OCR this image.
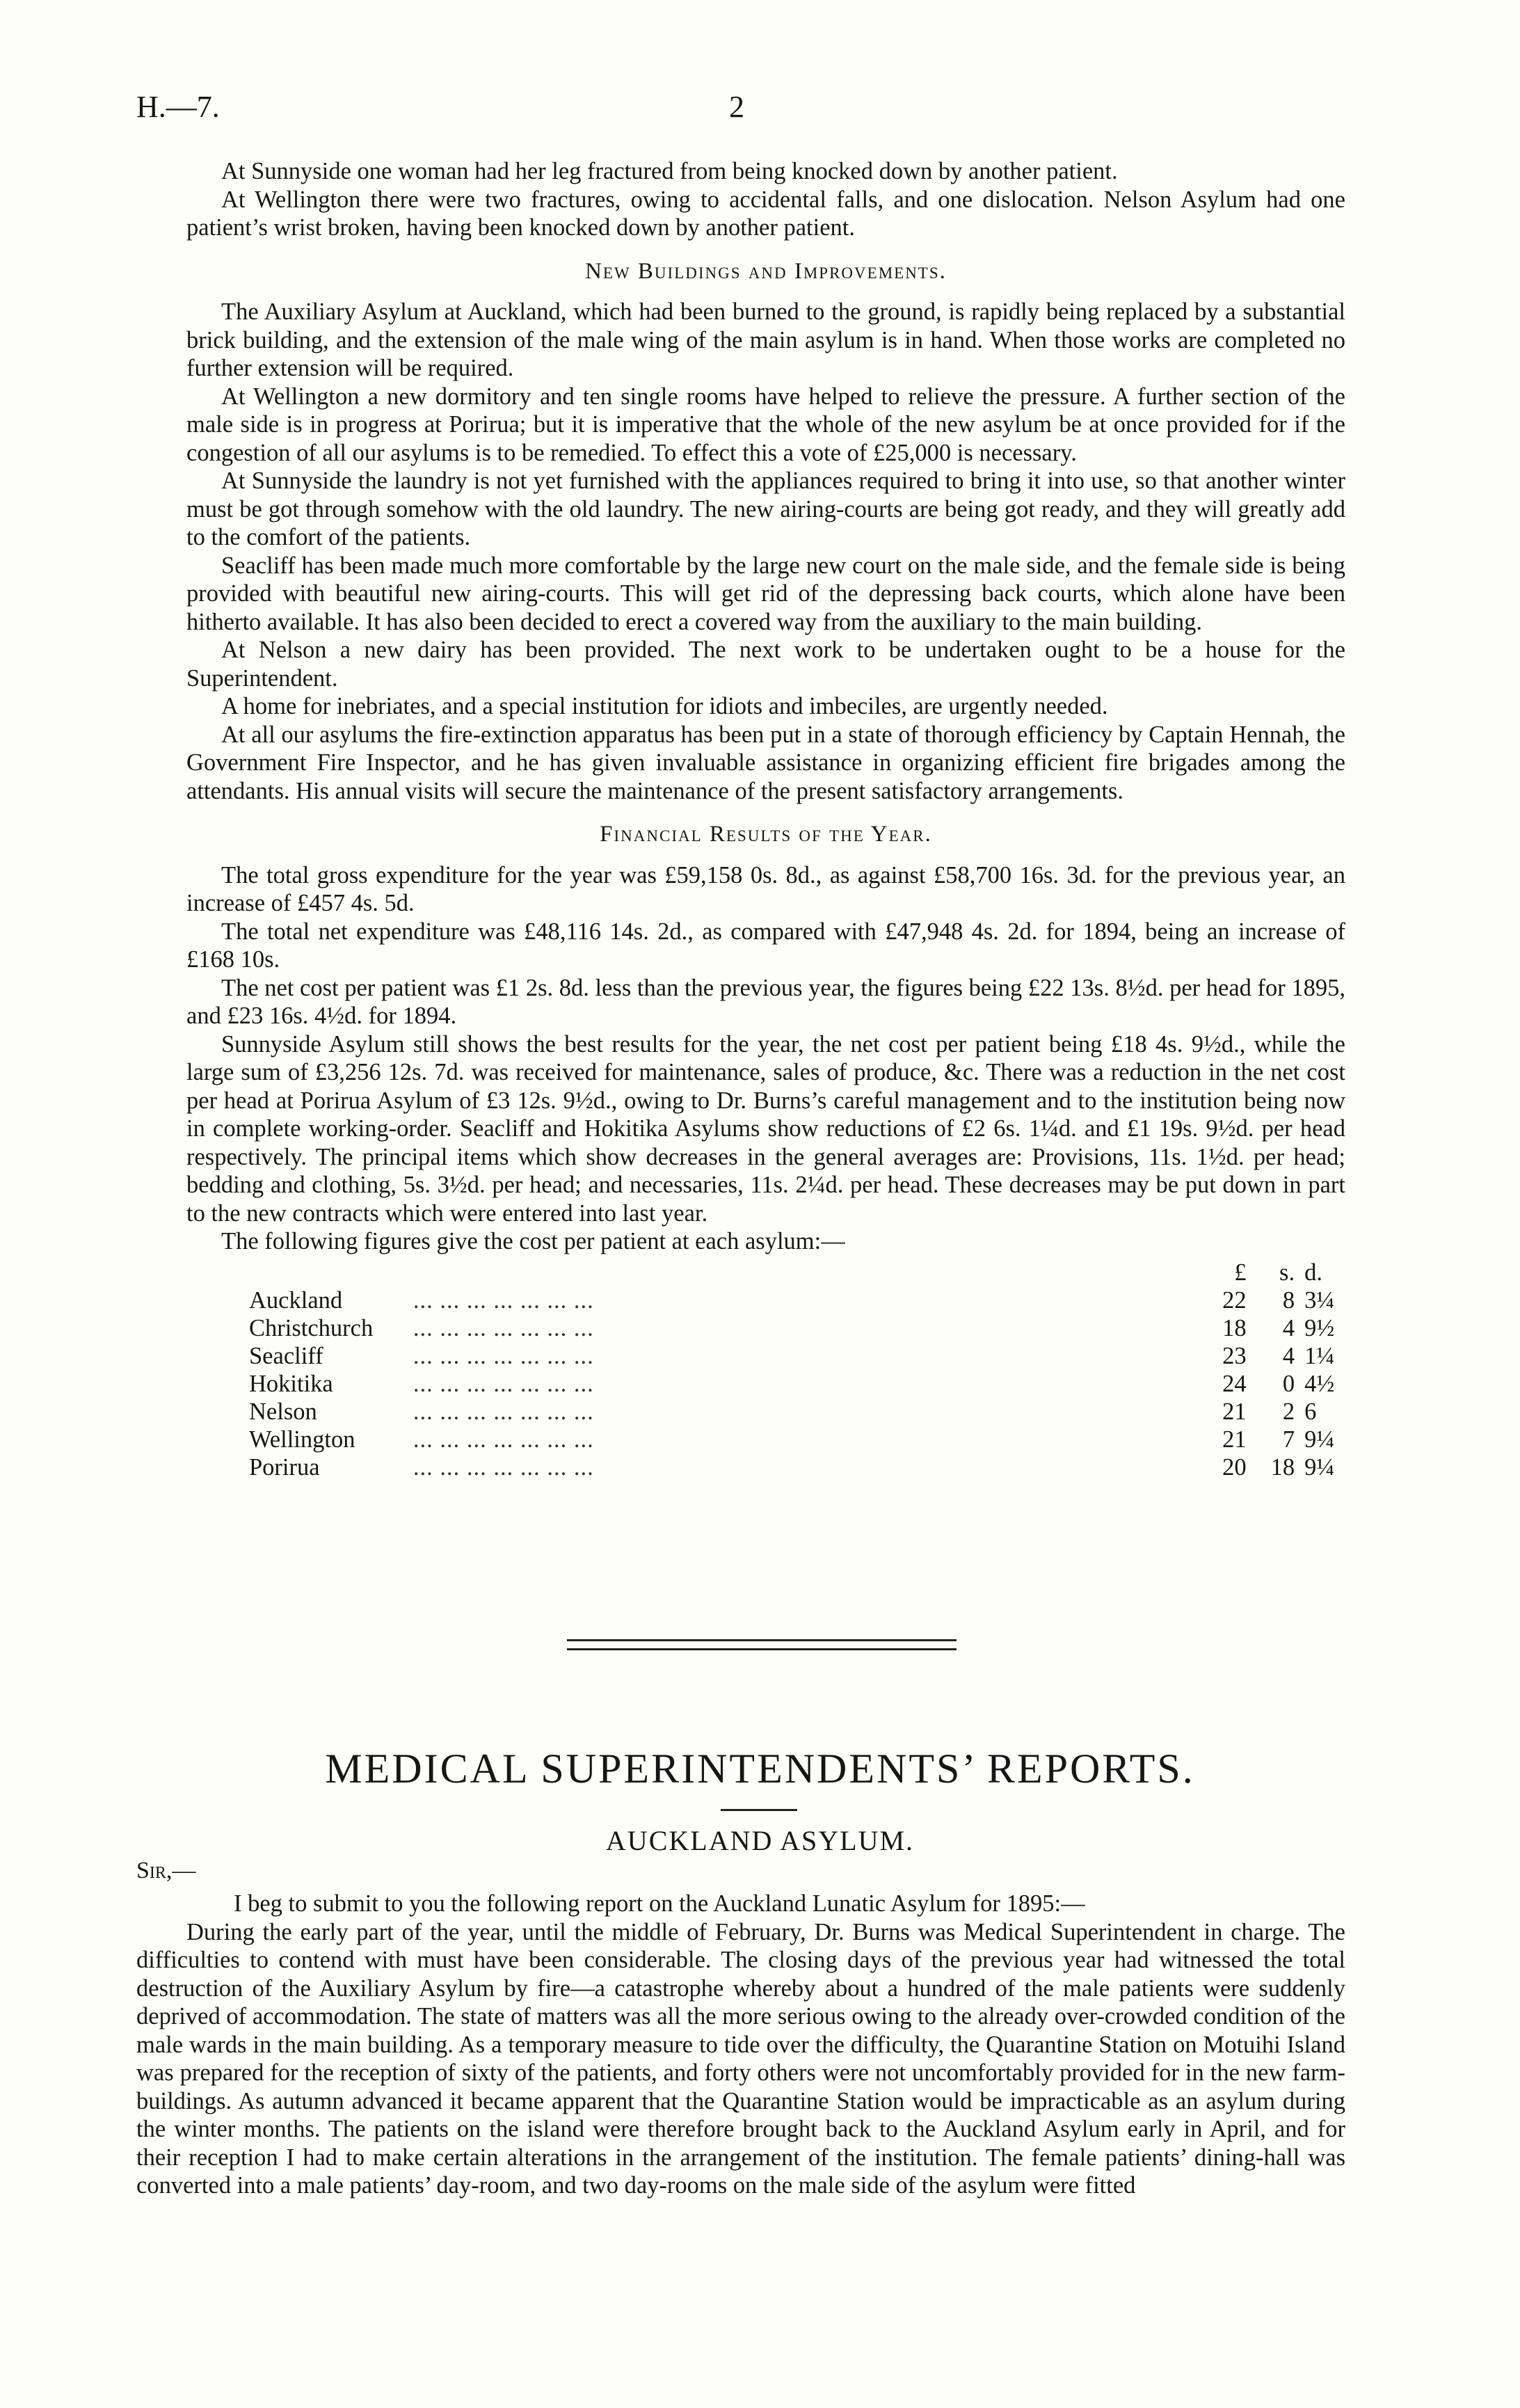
H.—7.	2

At Sunnyside one woman had her leg fractured from being knocked down by another patient.

At Wellington there were two fractures, owing to accidental falls, and one dislocation. Nelson Asylum had one patient’s wrist broken, having been knocked down by another patient.

New Buildings and Improvements.

The Auxiliary Asylum at Auckland, which had been burned to the ground, is rapidly being replaced by a substantial brick building, and the extension of the male wing of the main asylum is in hand. When those works are completed no further extension will be required.

At Wellington a new dormitory and ten single rooms have helped to relieve the pressure. A further section of the male side is in progress at Porirua; but it is imperative that the whole of the new asylum be at once provided for if the congestion of all our asylums is to be remedied. To effect this a vote of £25,000 is necessary.

At Sunnyside the laundry is not yet furnished with the appliances required to bring it into use, so that another winter must be got through somehow with the old laundry. The new airing-courts are being got ready, and they will greatly add to the comfort of the patients.

Seacliff has been made much more comfortable by the large new court on the male side, and the female side is being provided with beautiful new airing-courts. This will get rid of the depressing back courts, which alone have been hitherto available. It has also been decided to erect a covered way from the auxiliary to the main building.

At Nelson a new dairy has been provided. The next work to be undertaken ought to be a house for the Superintendent.

A home for inebriates, and a special institution for idiots and imbeciles, are urgently needed.

At all our asylums the fire-extinction apparatus has been put in a state of thorough efficiency by Captain Hennah, the Government Fire Inspector, and he has given invaluable assistance in organizing efficient fire brigades among the attendants. His annual visits will secure the maintenance of the present satisfactory arrangements.

Financial Results of the Year.

The total gross expenditure for the year was £59,158 0s. 8d., as against £58,700 16s. 3d. for the previous year, an increase of £457 4s. 5d.

The total net expenditure was £48,116 14s. 2d., as compared with £47,948 4s. 2d. for 1894, being an increase of £168 10s.

The net cost per patient was £1 2s. 8d. less than the previous year, the figures being £22 13s. 8½d. per head for 1895, and £23 16s. 4½d. for 1894.

Sunnyside Asylum still shows the best results for the year, the net cost per patient being £18 4s. 9½d., while the large sum of £3,256 12s. 7d. was received for maintenance, sales of produce, &c. There was a reduction in the net cost per head at Porirua Asylum of £3 12s. 9½d., owing to Dr. Burns’s careful management and to the institution being now in complete working-order. Seacliff and Hokitika Asylums show reductions of £2 6s. 1¼d. and £1 19s. 9½d. per head respectively. The principal items which show decreases in the general averages are: Provisions, 11s. 1½d. per head; bedding and clothing, 5s. 3½d. per head; and necessaries, 11s. 2¼d. per head. These decreases may be put down in part to the new contracts which were entered into last year.

The following figures give the cost per patient at each asylum:—

		£	s.	d.
Auckland	... ... ... ... ... ... ...	22	8	3¼
Christchurch	... ... ... ... ... ... ...	18	4	9½
Seacliff	... ... ... ... ... ... ...	23	4	1¼
Hokitika	... ... ... ... ... ... ...	24	0	4½
Nelson	... ... ... ... ... ... ...	21	2	6
Wellington	... ... ... ... ... ... ...	21	7	9¼
Porirua	... ... ... ... ... ... ...	20	18	9¼
MEDICAL SUPERINTENDENTS’ REPORTS.
AUCKLAND ASYLUM.
Sir,—

I beg to submit to you the following report on the Auckland Lunatic Asylum for 1895:—

During the early part of the year, until the middle of February, Dr. Burns was Medical Superintendent in charge. The difficulties to contend with must have been considerable. The closing days of the previous year had witnessed the total destruction of the Auxiliary Asylum by fire—a catastrophe whereby about a hundred of the male patients were suddenly deprived of accommodation. The state of matters was all the more serious owing to the already over-crowded condition of the male wards in the main building. As a temporary measure to tide over the difficulty, the Quarantine Station on Motuihi Island was prepared for the reception of sixty of the patients, and forty others were not uncomfortably provided for in the new farm-buildings. As autumn advanced it became apparent that the Quarantine Station would be impracticable as an asylum during the winter months. The patients on the island were therefore brought back to the Auckland Asylum early in April, and for their reception I had to make certain alterations in the arrangement of the institution. The female patients’ dining-hall was converted into a male patients’ day-room, and two day-rooms on the male side of the asylum were fitted
